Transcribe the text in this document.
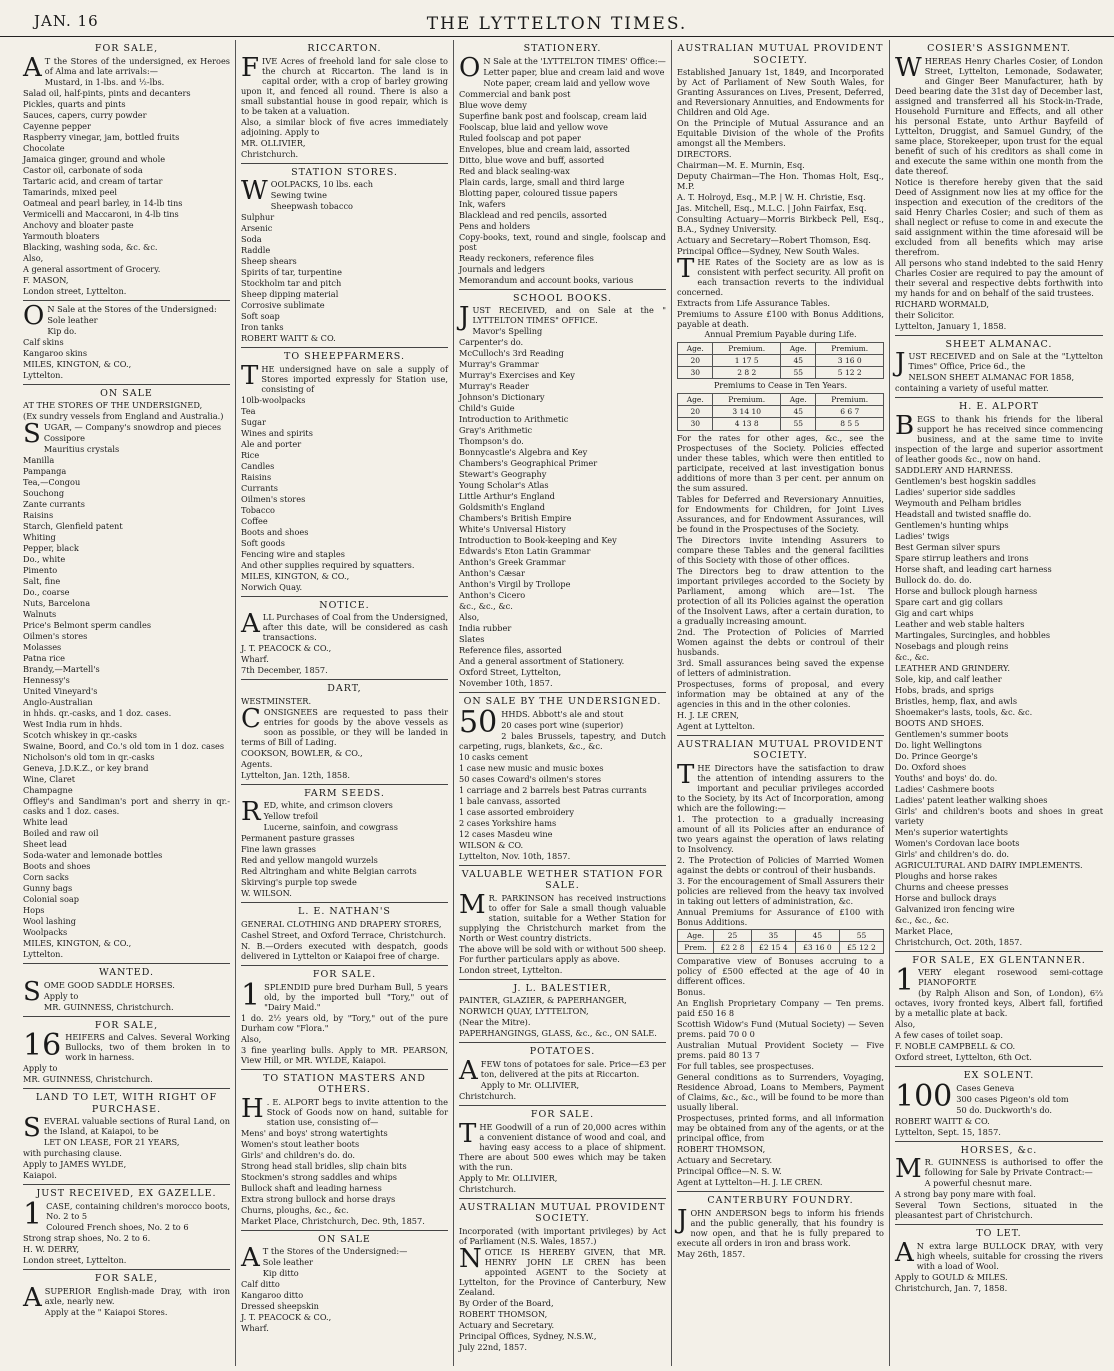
JAN. 16	THE LYTTELTON TIMES.
FOR SALE,
A T the Stores of the undersigned, ex Heroes of Alma and late arrivals:—
Mustard, in 1-lbs. and ½-lbs.
Salad oil, half-pints, pints and decanters
Pickles, quarts and pints
Sauces, capers, curry powder
Cayenne pepper
Raspberry vinegar, jam, bottled fruits
Chocolate
Jamaica ginger, ground and whole
Castor oil, carbonate of soda
Tartaric acid, and cream of tartar
Tamarinds, mixed peel
Oatmeal and pearl barley, in 14-lb tins
Vermicelli and Maccaroni, in 4-lb tins
Anchovy and bloater paste
Yarmouth bloaters
Blacking, washing soda, &c. &c.
Also,
A general assortment of Grocery.
F. MASON,
London street, Lyttelton.
O N Sale at the Stores of the Undersigned:
Sole leather
Kip do.
Calf skins
Kangaroo skins
MILES, KINGTON, & CO.,
Lyttelton.
ON SALE
AT THE STORES OF THE UNDERSIGNED,
(Ex sundry vessels from England and Australia.)
SUGAR, — Company's snowdrop and pieces
Cossipore
Mauritius crystals
Manilla
Pampanga
Tea,—Congou
Souchong
Zante currants
Raisins
Starch, Glenfield patent
Whiting
Pepper, black
Do., white
Pimento
Salt, fine
Do., coarse
Nuts, Barcelona
Walnuts
Price's Belmont sperm candles
Oilmen's stores
Molasses
Patna rice
Brandy,—Martell's
Hennessy's
United Vineyard's
Anglo-Australian
in hhds. qr.-casks, and 1 doz. cases.
West India rum in hhds.
Scotch whiskey in qr.-casks
Swaine, Boord, and Co.'s old tom in 1 doz. cases
Nicholson's old tom in qr.-casks
Geneva, J.D.K.Z., or key brand
Wine, Claret
Champagne
Offley's and Sandiman's port and sherry in qr.-casks and 1 doz. cases.
White lead
Boiled and raw oil
Sheet lead
Soda-water and lemonade bottles
Boots and shoes
Corn sacks
Gunny bags
Colonial soap
Hops
Wool lashing
Woolpacks
MILES, KINGTON, & CO.,
Lyttelton.
WANTED.
SOME GOOD SADDLE HORSES.
Apply to
MR. GUINNESS, Christchurch.
FOR SALE,
16 HEIFERS and Calves. Several Working Bullocks, two of them broken in to work in harness.
Apply to
MR. GUINNESS, Christchurch.
LAND TO LET, WITH RIGHT OF PURCHASE.
SEVERAL valuable sections of Rural Land, on the Island, at Kaiapoi, to be
LET ON LEASE, FOR 21 YEARS,
with purchasing clause.
Apply to JAMES WYLDE,
Kaiapoi.
JUST RECEIVED, EX GAZELLE.
1 CASE, containing children's morocco boots, No. 2 to 5
Coloured French shoes, No. 2 to 6
Strong strap shoes, No. 2 to 6.
H. W. DERRY,
London street, Lyttelton.
FOR SALE,
ASUPERIOR English-made Dray, with iron axle, nearly new.
Apply at the " Kaiapoi Stores.
RICCARTON.
FIVE Acres of freehold land for sale close to the church at Riccarton. The land is in capital order, with a crop of barley growing upon it, and fenced all round. There is also a small substantial house in good repair, which is to be taken at a valuation.
Also, a similar block of five acres immediately adjoining. Apply to
MR. OLLIVIER,
Christchurch.
STATION STORES.
WOOLPACKS, 10 lbs. each
Sewing twine
Sheepwash tobacco
Sulphur
Arsenic
Soda
Raddle
Sheep shears
Spirits of tar, turpentine
Stockholm tar and pitch
Sheep dipping material
Corrosive sublimate
Soft soap
Iron tanks
ROBERT WAITT & CO.
TO SHEEPFARMERS.
THE undersigned have on sale a supply of Stores imported expressly for Station use, consisting of
10lb-woolpacks
Tea
Sugar
Wines and spirits
Ale and porter
Rice
Candles
Raisins
Currants
Oilmen's stores
Tobacco
Coffee
Boots and shoes
Soft goods
Fencing wire and staples
And other supplies required by squatters.
MILES, KINGTON, & CO.,
Norwich Quay.
NOTICE.
ALL Purchases of Coal from the Undersigned, after this date, will be considered as cash transactions.
J. T. PEACOCK & CO.,
Wharf.
7th December, 1857.
DART,
WESTMINSTER.
CONSIGNEES are requested to pass their entries for goods by the above vessels as soon as possible, or they will be landed in terms of Bill of Lading.
COOKSON, BOWLER, & CO.,
Agents.
Lyttelton, Jan. 12th, 1858.
FARM SEEDS.
RED, white, and crimson clovers
Yellow trefoil
Lucerne, sainfoin, and cowgrass
Permanent pasture grasses
Fine lawn grasses
Red and yellow mangold wurzels
Red Altringham and white Belgian carrots
Skirving's purple top swede
W. WILSON.
L. E. NATHAN'S
GENERAL CLOTHING AND DRAPERY STORES,
Cashel Street, and Oxford Terrace, Christchurch.
N. B.—Orders executed with despatch, goods delivered in Lyttelton or Kaiapoi free of charge.
FOR SALE.
1 SPLENDID pure bred Durham Bull, 5 years old, by the imported bull "Tory," out of "Dairy Maid."
1 do. 2½ years old, by "Tory," out of the pure Durham cow "Flora."
Also,
3 fine yearling bulls. Apply to MR. PEARSON, View Hill, or MR. WYLDE, Kaiapoi.
TO STATION MASTERS AND OTHERS.
H . E. ALPORT begs to invite attention to the Stock of Goods now on hand, suitable for station use, consisting of—
Mens' and boys' strong watertights
Women's stout leather boots
Girls' and children's do. do.
Strong head stall bridles, slip chain bits
Stockmen's strong saddles and whips
Bullock shaft and leading harness
Extra strong bullock and horse drays
Churns, ploughs, &c., &c.
Market Place, Christchurch, Dec. 9th, 1857.
ON SALE
A T the Stores of the Undersigned:—
Sole leather
Kip ditto
Calf ditto
Kangaroo ditto
Dressed sheepskin
J. T. PEACOCK & CO.,
Wharf.
STATIONERY.
O N Sale at the 'LYTTELTON TIMES' Office:—
Letter paper, blue and cream laid and wove
Note paper, cream laid and yellow wove
Commercial and bank post
Blue wove demy
Superfine bank post and foolscap, cream laid
Foolscap, blue laid and yellow wove
Ruled foolscap and pot paper
Envelopes, blue and cream laid, assorted
Ditto, blue wove and buff, assorted
Red and black sealing-wax
Plain cards, large, small and third large
Blotting paper, coloured tissue papers
Ink, wafers
Blacklead and red pencils, assorted
Pens and holders
Copy-books, text, round and single, foolscap and post
Ready reckoners, reference files
Journals and ledgers
Memorandum and account books, various
SCHOOL BOOKS.
JUST RECEIVED, and on Sale at the " LYTTELTON TIMES" OFFICE.
Mavor's Spelling
Carpenter's do.
McCulloch's 3rd Reading
Murray's Grammar
Murray's Exercises and Key
Murray's Reader
Johnson's Dictionary
Child's Guide
Introduction to Arithmetic
Gray's Arithmetic
Thompson's do.
Bonnycastle's Algebra and Key
Chambers's Geographical Primer
Stewart's Geography
Young Scholar's Atlas
Little Arthur's England
Goldsmith's England
Chambers's British Empire
White's Universal History
Introduction to Book-keeping and Key
Edwards's Eton Latin Grammar
Anthon's Greek Grammar
Anthon's Cæsar
Anthon's Virgil by Trollope
Anthon's Cicero
&c., &c., &c.
Also,
India rubber
Slates
Reference files, assorted
And a general assortment of Stationery.
Oxford Street, Lyttelton,
November 10th, 1857.
ON SALE BY THE UNDERSIGNED.
50 HHDS. Abbott's ale and stout
20 cases port wine (superior)
2 bales Brussels, tapestry, and Dutch carpeting, rugs, blankets, &c., &c.
10 casks cement
1 case new music and music boxes
50 cases Coward's oilmen's stores
1 carriage and 2 barrels best Patras currants
1 bale canvass, assorted
1 case assorted embroidery
2 cases Yorkshire hams
12 cases Masdeu wine
WILSON & CO.
Lyttelton, Nov. 10th, 1857.
VALUABLE WETHER STATION FOR SALE.
M R. PARKINSON has received instructions to offer for Sale a small though valuable station, suitable for a Wether Station for supplying the Christchurch market from the North or West country districts.
The above will be sold with or without 500 sheep. For further particulars apply as above.
London street, Lyttelton.
J. L. BALESTIER,
PAINTER, GLAZIER, & PAPERHANGER,
NORWICH QUAY, LYTTELTON,
(Near the Mitre).
PAPERHANGINGS, GLASS, &c., &c., ON SALE.
POTATOES.
AFEW tons of potatoes for sale. Price—£3 per ton, delivered at the pits at Riccarton.
Apply to Mr. OLLIVIER,
Christchurch.
FOR SALE.
THE Goodwill of a run of 20,000 acres within a convenient distance of wood and coal, and having easy access to a place of shipment. There are about 500 ewes which may be taken with the run.
Apply to Mr. OLLIVIER,
Christchurch.
AUSTRALIAN MUTUAL PROVIDENT SOCIETY.
Incorporated (with important privileges) by Act of Parliament (N.S. Wales, 1857.)
NOTICE IS HEREBY GIVEN, that MR. HENRY JOHN LE CREN has been appointed AGENT to the Society at Lyttelton, for the Province of Canterbury, New Zealand.
By Order of the Board,
ROBERT THOMSON,
Actuary and Secretary.
Principal Offices, Sydney, N.S.W.,
July 22nd, 1857.
AUSTRALIAN MUTUAL PROVIDENT SOCIETY.
Established January 1st, 1849, and Incorporated by Act of Parliament of New South Wales, for Granting Assurances on Lives, Present, Deferred, and Reversionary Annuities, and Endowments for Children and Old Age.
On the Principle of Mutual Assurance and an Equitable Division of the whole of the Profits amongst all the Members.
DIRECTORS.
Chairman—M. E. Murnin, Esq.
Deputy Chairman—The Hon. Thomas Holt, Esq., M.P.
A. T. Holroyd, Esq., M.P. | W. H. Christie, Esq.
Jas. Mitchell, Esq., M.L.C. | John Fairfax, Esq.
Consulting Actuary—Morris Birkbeck Pell, Esq., B.A., Sydney University.
Actuary and Secretary—Robert Thomson, Esq.
Principal Office—Sydney, New South Wales.
THE Rates of the Society are as low as is consistent with perfect security. All profit on each transaction reverts to the individual concerned.
Extracts from Life Assurance Tables.
Premiums to Assure £100 with Bonus Additions, payable at death.
Annual Premium Payable during Life.
Age.	Premium.	Age.	Premium.
20	1 17 5	45	3 16 0
30	2 8 2	55	5 12 2
Premiums to Cease in Ten Years.
Age.	Premium.	Age.	Premium.
20	3 14 10	45	6 6 7
30	4 13 8	55	8 5 5
For the rates for other ages, &c., see the Prospectuses of the Society. Policies effected under these tables, which were then entitled to participate, received at last investigation bonus additions of more than 3 per cent. per annum on the sum assured.
Tables for Deferred and Reversionary Annuities, for Endowments for Children, for Joint Lives Assurances, and for Endowment Assurances, will be found in the Prospectuses of the Society.
The Directors invite intending Assurers to compare these Tables and the general facilities of this Society with those of other offices.
The Directors beg to draw attention to the important privileges accorded to the Society by Parliament, among which are—1st. The protection of all its Policies against the operation of the Insolvent Laws, after a certain duration, to a gradually increasing amount.
2nd. The Protection of Policies of Married Women against the debts or controul of their husbands.
3rd. Small assurances being saved the expense of letters of administration.
Prospectuses, forms of proposal, and every information may be obtained at any of the agencies in this and in the other colonies.
H. J. LE CREN,
Agent at Lyttelton.
AUSTRALIAN MUTUAL PROVIDENT SOCIETY.
THE Directors have the satisfaction to draw the attention of intending assurers to the important and peculiar privileges accorded to the Society, by its Act of Incorporation, among which are the following:—
1. The protection to a gradually increasing amount of all its Policies after an endurance of two years against the operation of laws relating to Insolvency.
2. The Protection of Policies of Married Women against the debts or controul of their husbands.
3. For the encouragement of Small Assurers their policies are relieved from the heavy tax involved in taking out letters of administration, &c.
Annual Premiums for Assurance of £100 with Bonus Additions.
Age.	25	35	45	55
Prem.	£2 2 8	£2 15 4	£3 16 0	£5 12 2
Comparative view of Bonuses accruing to a policy of £500 effected at the age of 40 in different offices.
Bonus.
An English Proprietary Company — Ten prems. paid £50 16 8
Scottish Widow's Fund (Mutual Society) — Seven prems. paid 70 0 0
Australian Mutual Provident Society — Five prems. paid 80 13 7
For full tables, see prospectuses.
General conditions as to Surrenders, Voyaging, Residence Abroad, Loans to Members, Payment of Claims, &c., &c., will be found to be more than usually liberal.
Prospectuses, printed forms, and all information may be obtained from any of the agents, or at the principal office, from
ROBERT THOMSON,
Actuary and Secretary.
Principal Office—N. S. W.
Agent at Lyttelton—H. J. LE CREN.
CANTERBURY FOUNDRY.
JOHN ANDERSON begs to inform his friends and the public generally, that his foundry is now open, and that he is fully prepared to execute all orders in iron and brass work.
May 26th, 1857.
COSIER'S ASSIGNMENT.
WHEREAS Henry Charles Cosier, of London Street, Lyttelton, Lemonade, Sodawater, and Ginger Beer Manufacturer, hath by Deed bearing date the 31st day of December last, assigned and transferred all his Stock-in-Trade, Household Furniture and Effects, and all other his personal Estate, unto Arthur Bayfeild of Lyttelton, Druggist, and Samuel Gundry, of the same place, Storekeeper, upon trust for the equal benefit of such of his creditors as shall come in and execute the same within one month from the date thereof.
Notice is therefore hereby given that the said Deed of Assignment now lies at my office for the inspection and execution of the creditors of the said Henry Charles Cosier; and such of them as shall neglect or refuse to come in and execute the said assignment within the time aforesaid will be excluded from all benefits which may arise therefrom.
All persons who stand indebted to the said Henry Charles Cosier are required to pay the amount of their several and respective debts forthwith into my hands for and on behalf of the said trustees.
RICHARD WORMALD,
their Solicitor.
Lyttelton, January 1, 1858.
SHEET ALMANAC.
JUST RECEIVED and on Sale at the "Lyttelton Times" Office, Price 6d., the
NELSON SHEET ALMANAC FOR 1858,
containing a variety of useful matter.
H. E. ALPORT
BEGS to thank his friends for the liberal support he has received since commencing business, and at the same time to invite inspection of the large and superior assortment of leather goods &c., now on hand.
SADDLERY AND HARNESS.
Gentlemen's best hogskin saddles
Ladies' superior side saddles
Weymouth and Pelham bridles
Headstall and twisted snaffle do.
Gentlemen's hunting whips
Ladies' twigs
Best German silver spurs
Spare stirrup leathers and irons
Horse shaft, and leading cart harness
Bullock do. do. do.
Horse and bullock plough harness
Spare cart and gig collars
Gig and cart whips
Leather and web stable halters
Martingales, Surcingles, and hobbles
Nosebags and plough reins
&c., &c.
LEATHER AND GRINDERY.
Sole, kip, and calf leather
Hobs, brads, and sprigs
Bristles, hemp, flax, and awls
Shoemaker's lasts, tools, &c. &c.
BOOTS AND SHOES.
Gentlemen's summer boots
Do. light Wellingtons
Do. Prince George's
Do. Oxford shoes
Youths' and boys' do. do.
Ladies' Cashmere boots
Ladies' patent leather walking shoes
Girls' and children's boots and shoes in great variety
Men's superior watertights
Women's Cordovan lace boots
Girls' and children's do. do.
AGRICULTURAL AND DAIRY IMPLEMENTS.
Ploughs and horse rakes
Churns and cheese presses
Horse and bullock drays
Galvanized iron fencing wire
&c., &c., &c.
Market Place,
Christchurch, Oct. 20th, 1857.
FOR SALE, EX GLENTANNER.
1 VERY elegant rosewood semi-cottage PIANOFORTE
(by Ralph Alison and Son, of London), 6⅔ octaves, ivory fronted keys, Albert fall, fortified by a metallic plate at back.
Also,
A few cases of toilet soap.
F. NOBLE CAMPBELL & CO.
Oxford street, Lyttelton, 6th Oct.
EX SOLENT.
100 Cases Geneva
300 cases Pigeon's old tom
50 do. Duckworth's do.
ROBERT WAITT & CO.
Lyttelton, Sept. 15, 1857.
HORSES, &c.
M R. GUINNESS is authorised to offer the following for Sale by Private Contract:—
A powerful chesnut mare.
A strong bay pony mare with foal.
Several Town Sections, situated in the pleasantest part of Christchurch.
TO LET.
A N extra large BULLOCK DRAY, with very high wheels, suitable for crossing the rivers with a load of Wool.
Apply to GOULD & MILES.
Christchurch, Jan. 7, 1858.
